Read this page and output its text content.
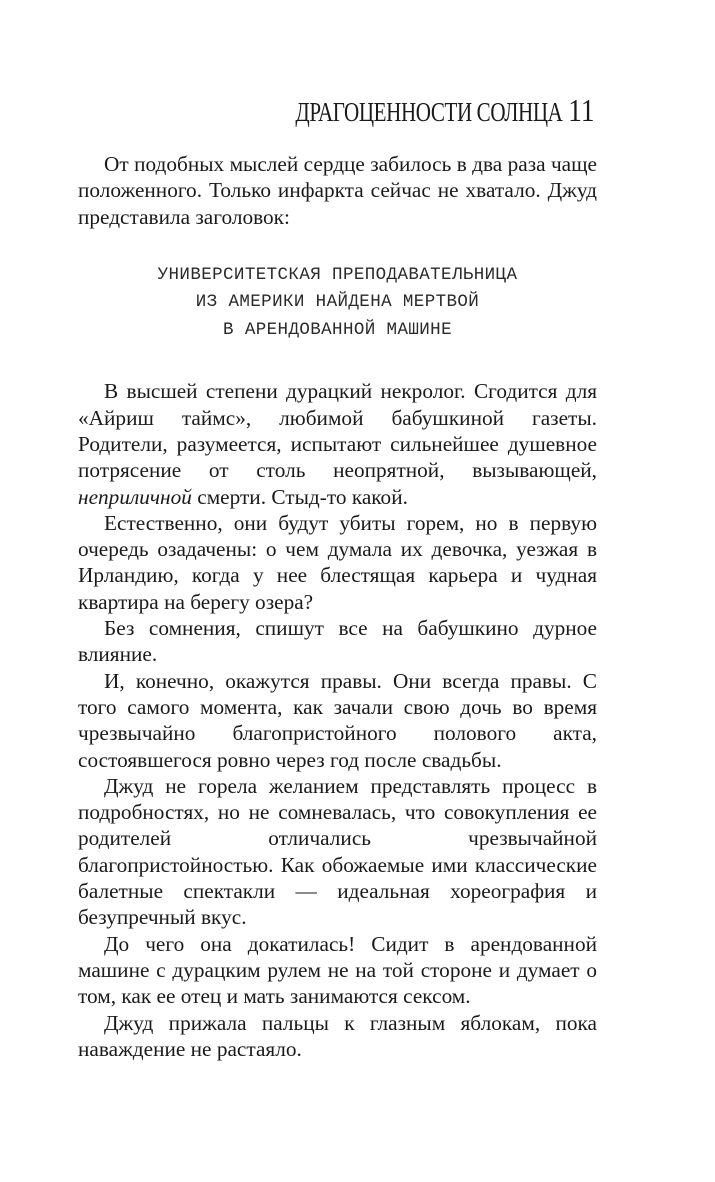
ДРАГОЦЕННОСТИ СОЛНЦА 11

От подобных мыслей сердце забилось в два раза чаще положенного. Только инфаркта сейчас не хватало. Джуд представила заголовок:

УНИВЕРСИТЕТСКАЯ ПРЕПОДАВАТЕЛЬНИЦА
ИЗ АМЕРИКИ НАЙДЕНА МЕРТВОЙ
В АРЕНДОВАННОЙ МАШИНЕ

В высшей степени дурацкий некролог. Сгодится для «Айриш таймс», любимой бабушкиной газеты. Родители, разумеется, испытают сильнейшее душевное потрясение от столь неопрятной, вызывающей, неприличной смерти. Стыд-то какой.

Естественно, они будут убиты горем, но в первую очередь озадачены: о чем думала их девочка, уезжая в Ирландию, когда у нее блестящая карьера и чудная квартира на берегу озера?

Без сомнения, спишут все на бабушкино дурное влияние.

И, конечно, окажутся правы. Они всегда правы. С того самого момента, как зачали свою дочь во время чрезвычайно благопристойного полового акта, состоявшегося ровно через год после свадьбы.

Джуд не горела желанием представлять процесс в подробностях, но не сомневалась, что совокупления ее родителей отличались чрезвычайной благопристойностью. Как обожаемые ими классические балетные спектакли — идеальная хореография и безупречный вкус.

До чего она докатилась! Сидит в арендованной машине с дурацким рулем не на той стороне и думает о том, как ее отец и мать занимаются сексом.

Джуд прижала пальцы к глазным яблокам, пока наваждение не растаяло.
